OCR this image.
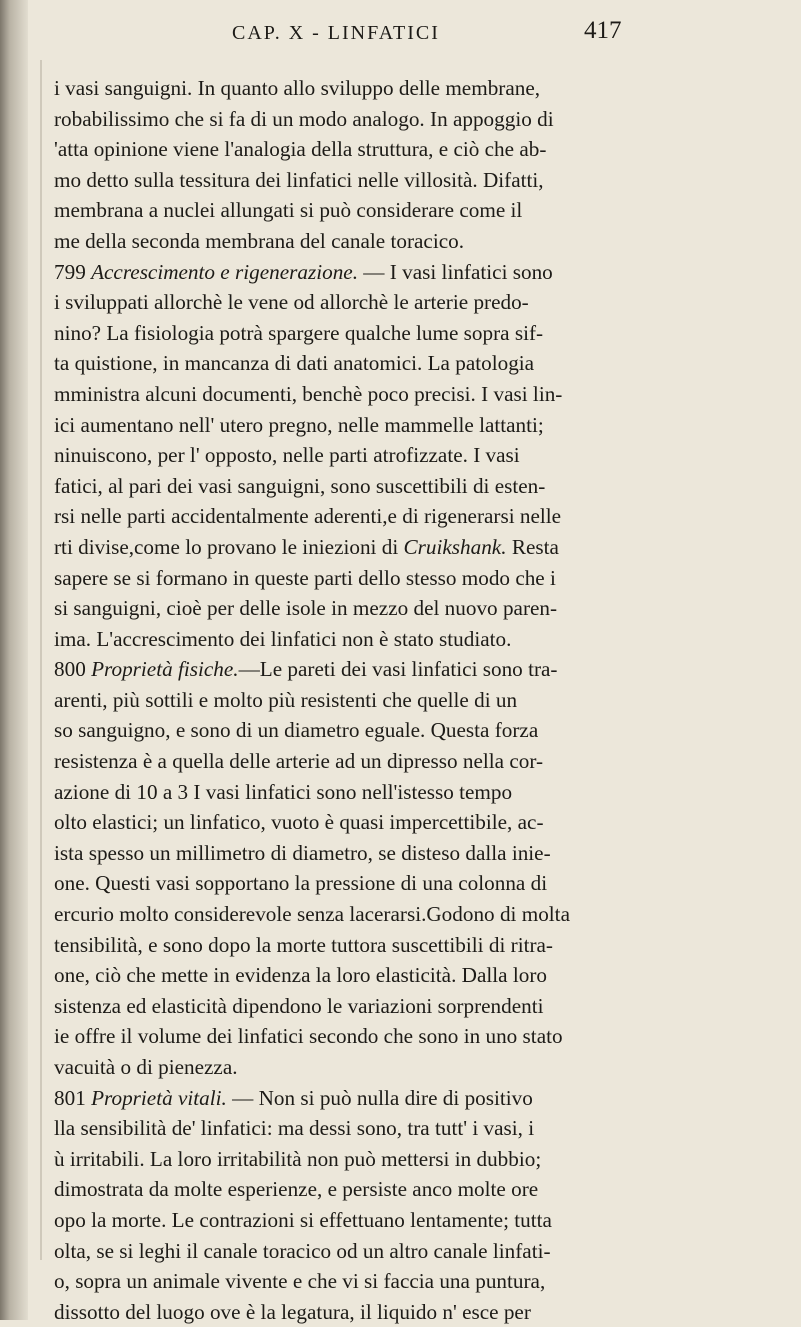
CAP. X - LINFATICI	417
i vasi sanguigni. In quanto allo sviluppo delle membrane,
robabilissimo che si fa di un modo analogo. In appoggio di
'atta opinione viene l'analogia della struttura, e ciò che ab-
mo detto sulla tessitura dei linfatici nelle villosità. Difatti,
membrana a nuclei allungati si può considerare come il
me della seconda membrana del canale toracico.
799 Accrescimento e rigenerazione. — I vasi linfatici sono
i sviluppati allorchè le vene od allorchè le arterie predo-
nino? La fisiologia potrà spargere qualche lume sopra sif-
ta quistione, in mancanza di dati anatomici. La patologia
mministra alcuni documenti, benchè poco precisi. I vasi lin-
ici aumentano nell' utero pregno, nelle mammelle lattanti;
ninuiscono, per l' opposto, nelle parti atrofizzate. I vasi
fatici, al pari dei vasi sanguigni, sono suscettibili di esten-
rsi nelle parti accidentalmente aderenti,e di rigenerarsi nelle
rti divise,come lo provano le iniezioni di Cruikshank. Resta
sapere se si formano in queste parti dello stesso modo che i
si sanguigni, cioè per delle isole in mezzo del nuovo paren-
ima. L'accrescimento dei linfatici non è stato studiato.
800 Proprietà fisiche.—Le pareti dei vasi linfatici sono tra-
arenti, più sottili e molto più resistenti che quelle di un
so sanguigno, e sono di un diametro eguale. Questa forza
resistenza è a quella delle arterie ad un dipresso nella cor-
azione di 10 a 3 I vasi linfatici sono nell'istesso tempo
olto elastici; un linfatico, vuoto è quasi impercettibile, ac-
ista spesso un millimetro di diametro, se disteso dalla inie-
one. Questi vasi sopportano la pressione di una colonna di
ercurio molto considerevole senza lacerarsi.Godono di molta
tensibilità, e sono dopo la morte tuttora suscettibili di ritra-
one, ciò che mette in evidenza la loro elasticità. Dalla loro
sistenza ed elasticità dipendono le variazioni sorprendenti
ie offre il volume dei linfatici secondo che sono in uno stato
vacuità o di pienezza.
801 Proprietà vitali. — Non si può nulla dire di positivo
lla sensibilità de' linfatici: ma dessi sono, tra tutt' i vasi, i
ù irritabili. La loro irritabilità non può mettersi in dubbio;
dimostrata da molte esperienze, e persiste anco molte ore
opo la morte. Le contrazioni si effettuano lentamente; tutta
olta, se si leghi il canale toracico od un altro canale linfati-
o, sopra un animale vivente e che vi si faccia una puntura,
dissotto del luogo ove è la legatura, il liquido n' esce per
